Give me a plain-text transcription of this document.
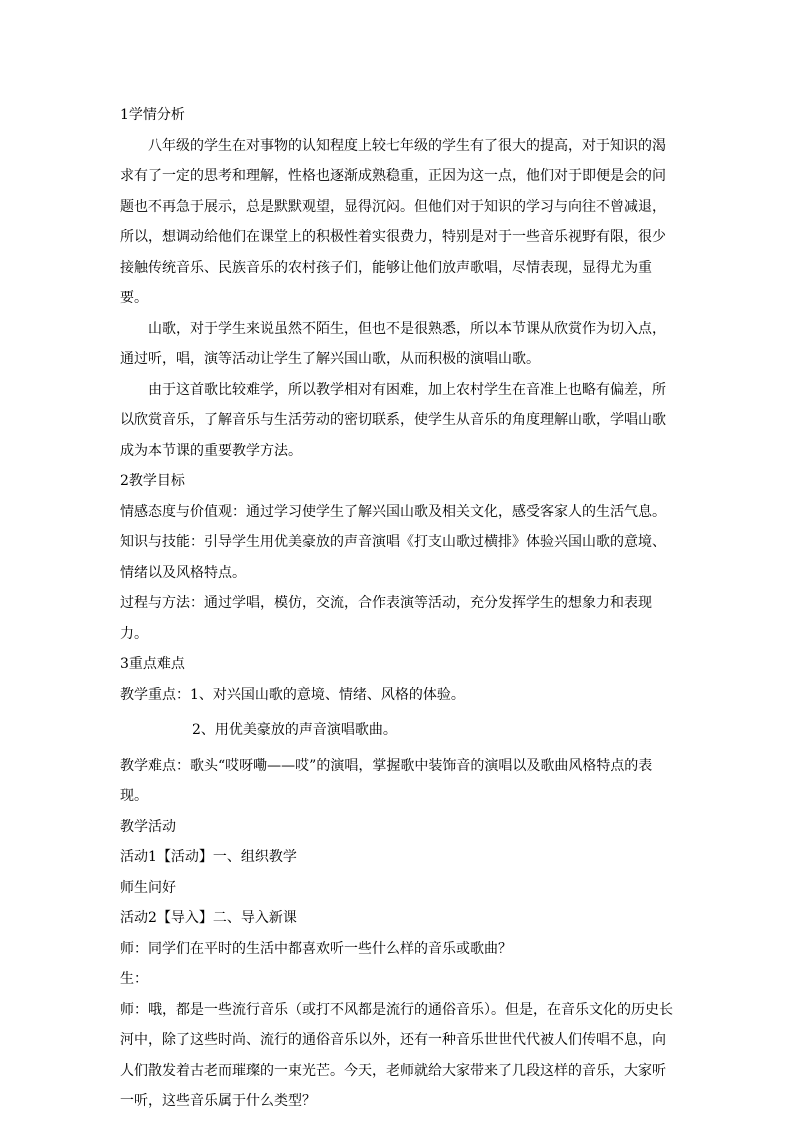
1学情分析

八年级的学生在对事物的认知程度上较七年级的学生有了很大的提高，对于知识的渴求有了一定的思考和理解，性格也逐渐成熟稳重，正因为这一点，他们对于即便是会的问题也不再急于展示，总是默默观望，显得沉闷。但他们对于知识的学习与向往不曾减退，所以，想调动给他们在课堂上的积极性着实很费力，特别是对于一些音乐视野有限，很少接触传统音乐、民族音乐的农村孩子们，能够让他们放声歌唱，尽情表现，显得尤为重要。

山歌，对于学生来说虽然不陌生，但也不是很熟悉，所以本节课从欣赏作为切入点，通过听，唱，演等活动让学生了解兴国山歌，从而积极的演唱山歌。

由于这首歌比较难学，所以教学相对有困难，加上农村学生在音准上也略有偏差，所以欣赏音乐，了解音乐与生活劳动的密切联系，使学生从音乐的角度理解山歌，学唱山歌成为本节课的重要教学方法。

2教学目标

情感态度与价值观：通过学习使学生了解兴国山歌及相关文化，感受客家人的生活气息。

知识与技能：引导学生用优美豪放的声音演唱《打支山歌过横排》体验兴国山歌的意境、情绪以及风格特点。

过程与方法：通过学唱，模仿，交流，合作表演等活动，充分发挥学生的想象力和表现力。

3重点难点

教学重点：1、对兴国山歌的意境、情绪、风格的体验。

2、用优美豪放的声音演唱歌曲。

教学难点：歌头“哎呀嘞——哎”的演唱，掌握歌中装饰音的演唱以及歌曲风格特点的表现。

教学活动

活动1【活动】一、组织教学

师生问好

活动2【导入】二、导入新课

师：同学们在平时的生活中都喜欢听一些什么样的音乐或歌曲？

生：

师：哦，都是一些流行音乐（或打不风都是流行的通俗音乐）。但是，在音乐文化的历史长河中，除了这些时尚、流行的通俗音乐以外，还有一种音乐世世代代被人们传唱不息，向人们散发着古老而璀璨的一束光芒。今天，老师就给大家带来了几段这样的音乐，大家听一听，这些音乐属于什么类型？
